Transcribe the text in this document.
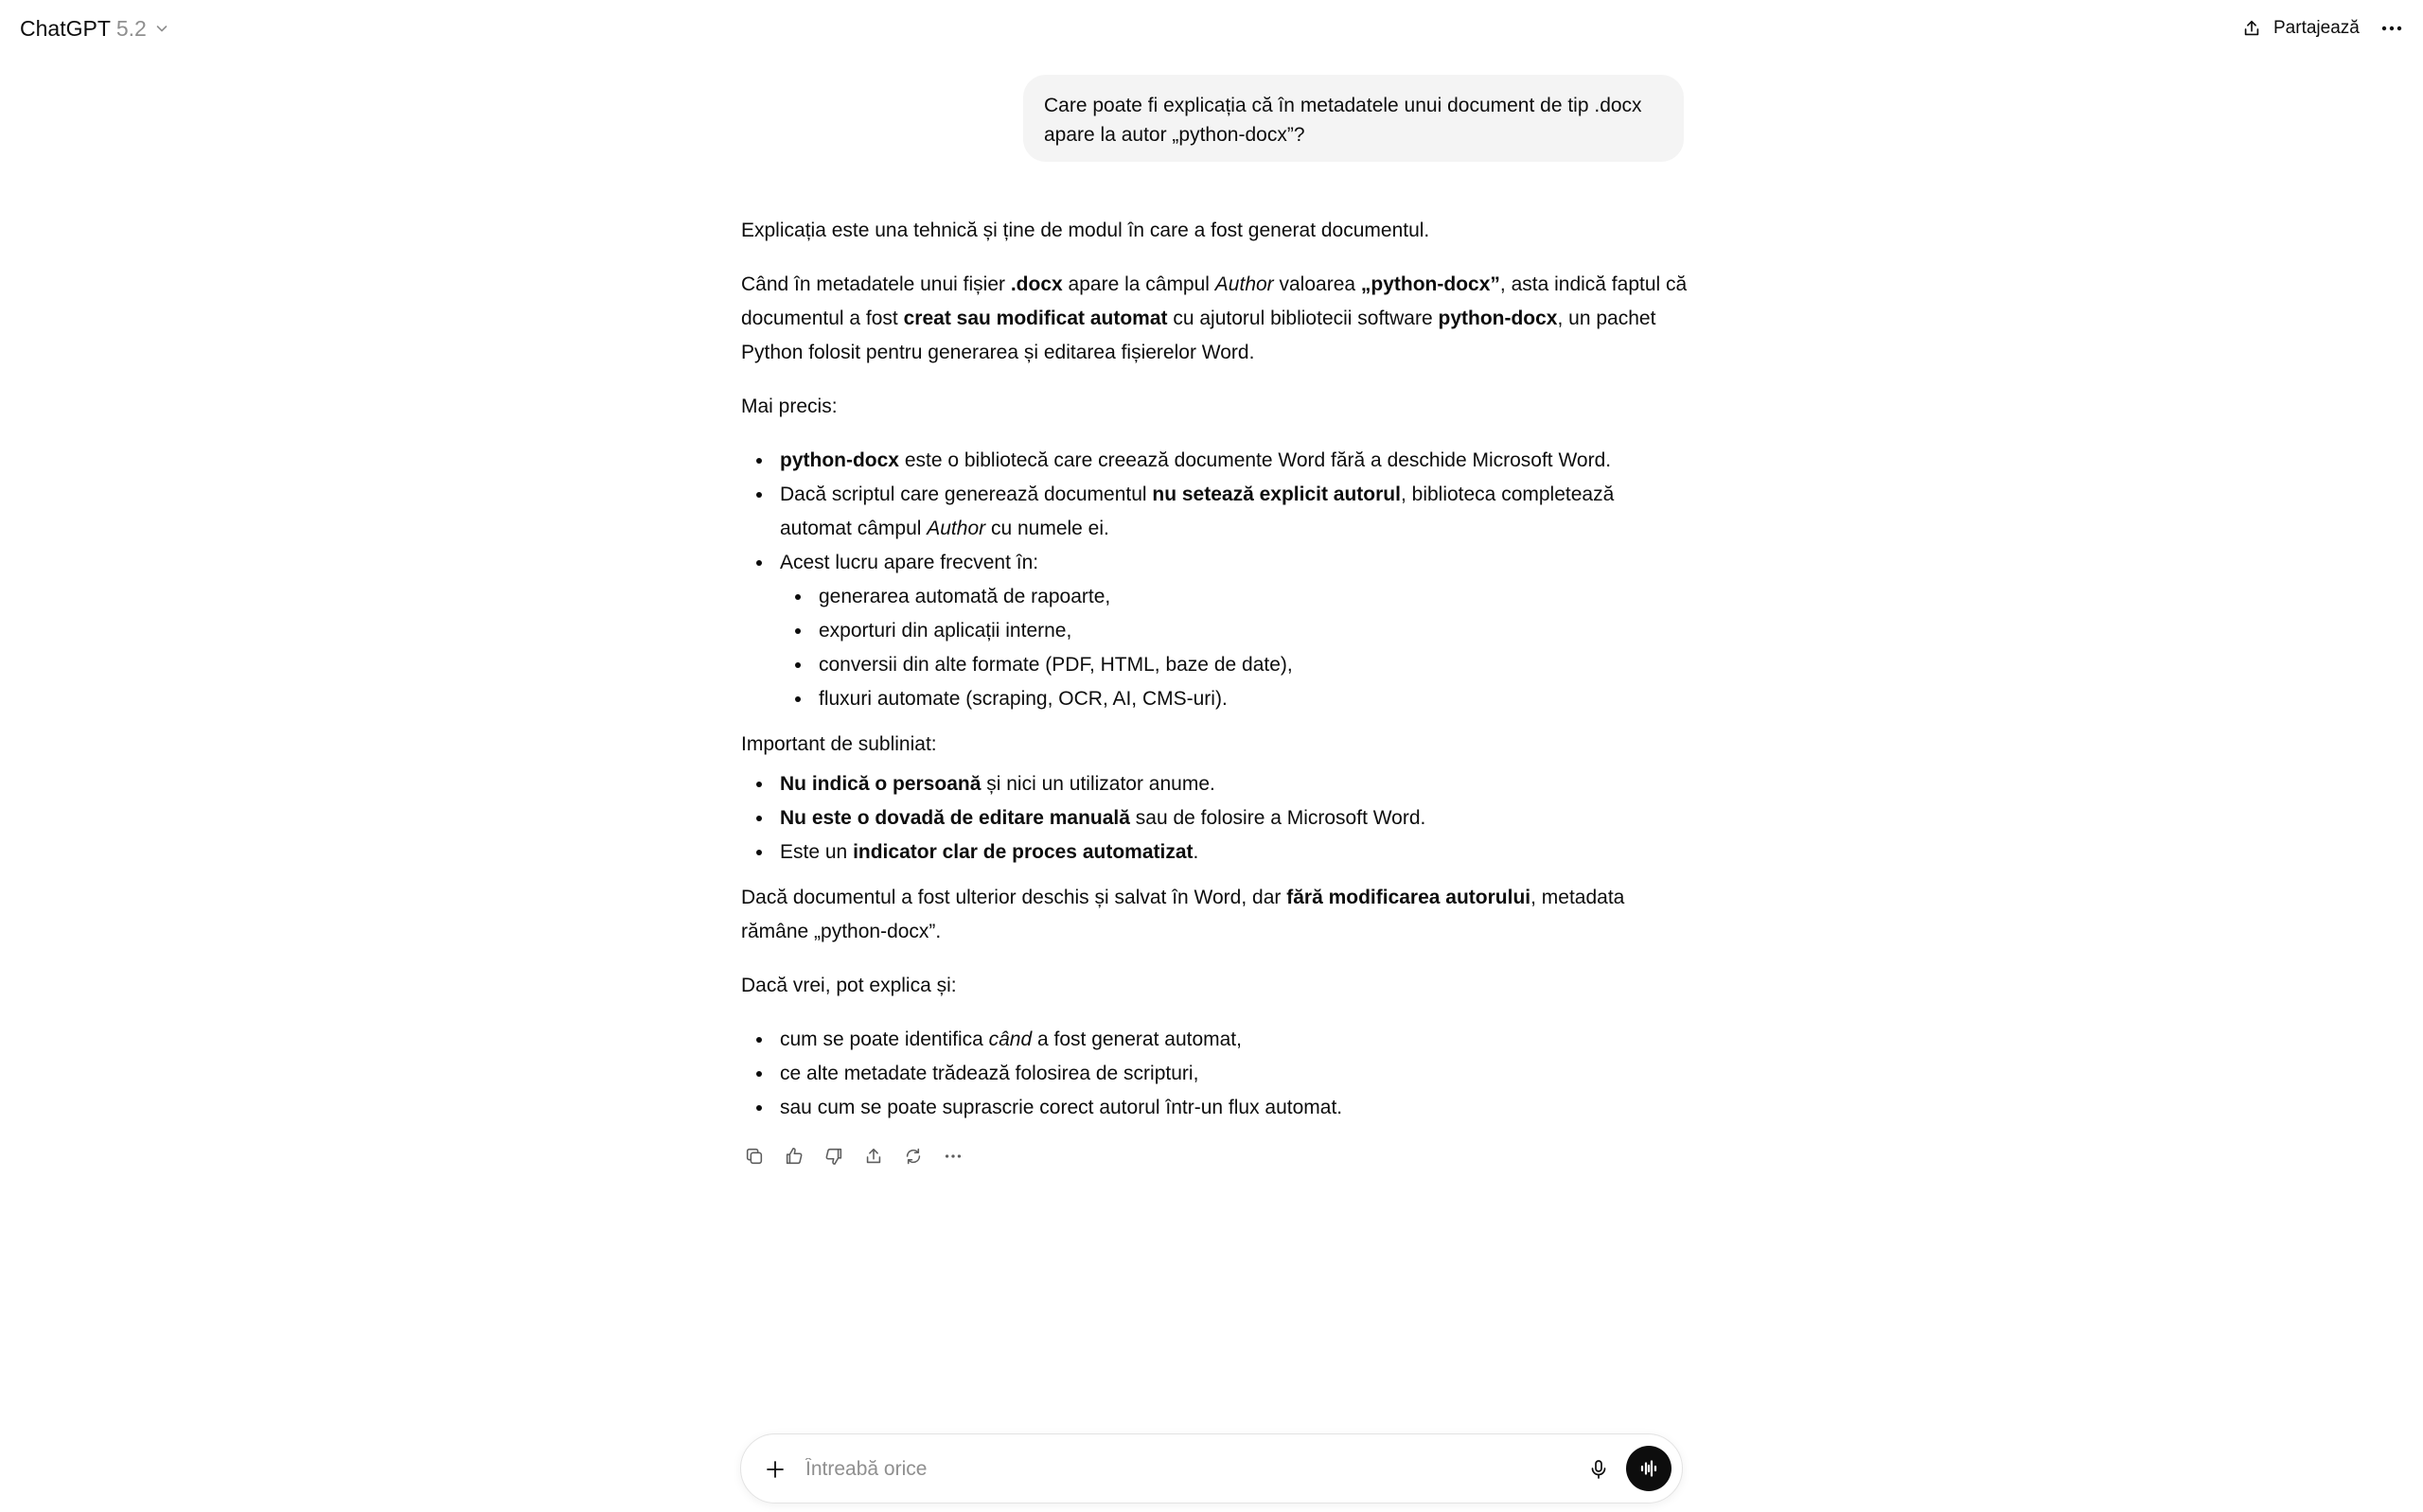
ChatGPT 5.2	Partajează
Care poate fi explicația că în metadatele unui document de tip .docx
apare la autor „python-docx”?

Explicația este una tehnică și ține de modul în care a fost generat documentul.

Când în metadatele unui fișier .docx apare la câmpul Author valoarea „python-docx”, asta indică faptul că documentul a fost creat sau modificat automat cu ajutorul bibliotecii software python-docx, un pachet Python folosit pentru generarea și editarea fișierelor Word.

Mai precis:

python-docx este o bibliotecă care creează documente Word fără a deschide Microsoft Word.
Dacă scriptul care generează documentul nu setează explicit autorul, biblioteca completează automat câmpul Author cu numele ei.
Acest lucru apare frecvent în:
generarea automată de rapoarte,
exporturi din aplicații interne,
conversii din alte formate (PDF, HTML, baze de date),
fluxuri automate (scraping, OCR, AI, CMS-uri).
Important de subliniat:
Nu indică o persoană și nici un utilizator anume.
Nu este o dovadă de editare manuală sau de folosire a Microsoft Word.
Este un indicator clar de proces automatizat.

Dacă documentul a fost ulterior deschis și salvat în Word, dar fără modificarea autorului, metadata rămâne „python-docx”.

Dacă vrei, pot explica și:

cum se poate identifica când a fost generat automat,
ce alte metadate trădează folosirea de scripturi,
sau cum se poate suprascrie corect autorul într-un flux automat.
Întreabă orice
